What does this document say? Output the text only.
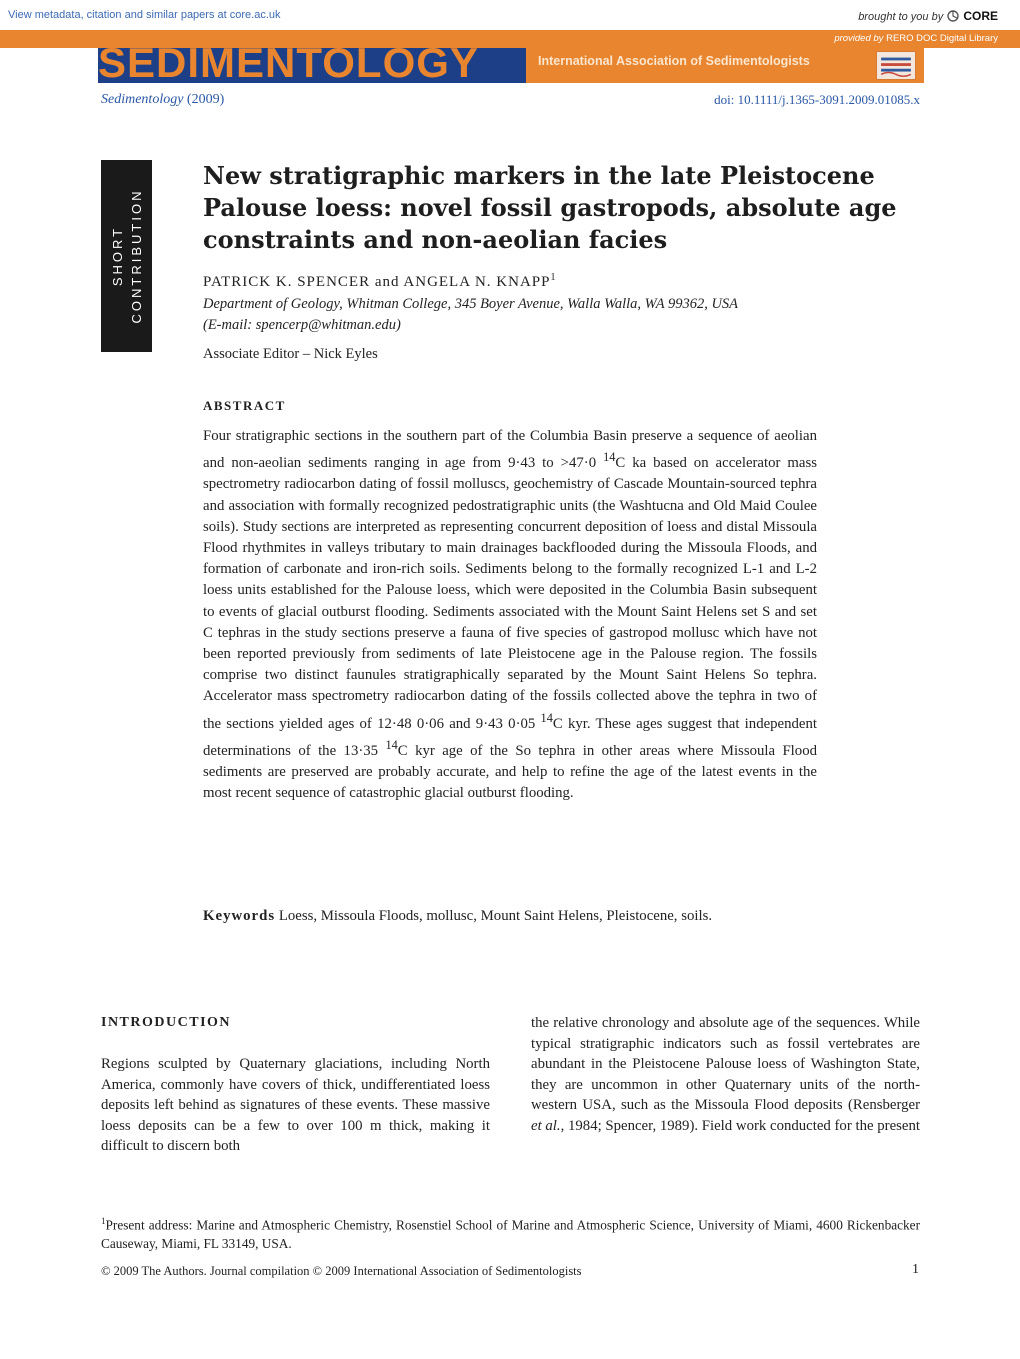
View metadata, citation and similar papers at core.ac.uk	brought to you by CORE
provided by RERO DOC Digital Library
SEDIMENTOLOGY	International Association of Sedimentologists
Sedimentology (2009)	doi: 10.1111/j.1365-3091.2009.01085.x
SHORT CONTRIBUTION
New stratigraphic markers in the late Pleistocene Palouse loess: novel fossil gastropods, absolute age constraints and non-aeolian facies
PATRICK K. SPENCER and ANGELA N. KNAPP$^1$
Department of Geology, Whitman College, 345 Boyer Avenue, Walla Walla, WA 99362, USA
(E-mail: spencerp@whitman.edu)
Associate Editor – Nick Eyles
ABSTRACT

Four stratigraphic sections in the southern part of the Columbia Basin preserve a sequence of aeolian and non-aeolian sediments ranging in age from 9·43 to >47·0 $^{14}$C ka based on accelerator mass spectrometry radiocarbon dating of fossil molluscs, geochemistry of Cascade Mountain-sourced tephra and association with formally recognized pedostratigraphic units (the Washtucna and Old Maid Coulee soils). Study sections are interpreted as representing concurrent deposition of loess and distal Missoula Flood rhythmites in valleys tributary to main drainages backflooded during the Missoula Floods, and formation of carbonate and iron-rich soils. Sediments belong to the formally recognized L-1 and L-2 loess units established for the Palouse loess, which were deposited in the Columbia Basin subsequent to events of glacial outburst flooding. Sediments associated with the Mount Saint Helens set S and set C tephras in the study sections preserve a fauna of five species of gastropod mollusc which have not been reported previously from sediments of late Pleistocene age in the Palouse region. The fossils comprise two distinct faunules stratigraphically separated by the Mount Saint Helens So tephra. Accelerator mass spectrometry radiocarbon dating of the fossils collected above the tephra in two of the sections yielded ages of 12·48 0·06 and 9·43 0·05 $^{14}$C kyr. These ages suggest that independent determinations of the 13·35 $^{14}$C kyr age of the So tephra in other areas where Missoula Flood sediments are preserved are probably accurate, and help to refine the age of the latest events in the most recent sequence of catastrophic glacial outburst flooding.

Keywords Loess, Missoula Floods, mollusc, Mount Saint Helens, Pleistocene, soils.

INTRODUCTION

Regions sculpted by Quaternary glaciations, including North America, commonly have covers of thick, undifferentiated loess deposits left behind as signatures of these events. These massive loess deposits can be a few to over 100 m thick, making it difficult to discern both

the relative chronology and absolute age of the sequences. While typical stratigraphic indicators such as fossil vertebrates are abundant in the Pleistocene Palouse loess of Washington State, they are uncommon in other Quaternary units of the north-western USA, such as the Missoula Flood deposits (Rensberger et al., 1984; Spencer, 1989). Field work conducted for the present

$^1$Present address: Marine and Atmospheric Chemistry, Rosenstiel School of Marine and Atmospheric Science, University of Miami, 4600 Rickenbacker Causeway, Miami, FL 33149, USA.

© 2009 The Authors. Journal compilation © 2009 International Association of Sedimentologists	1
